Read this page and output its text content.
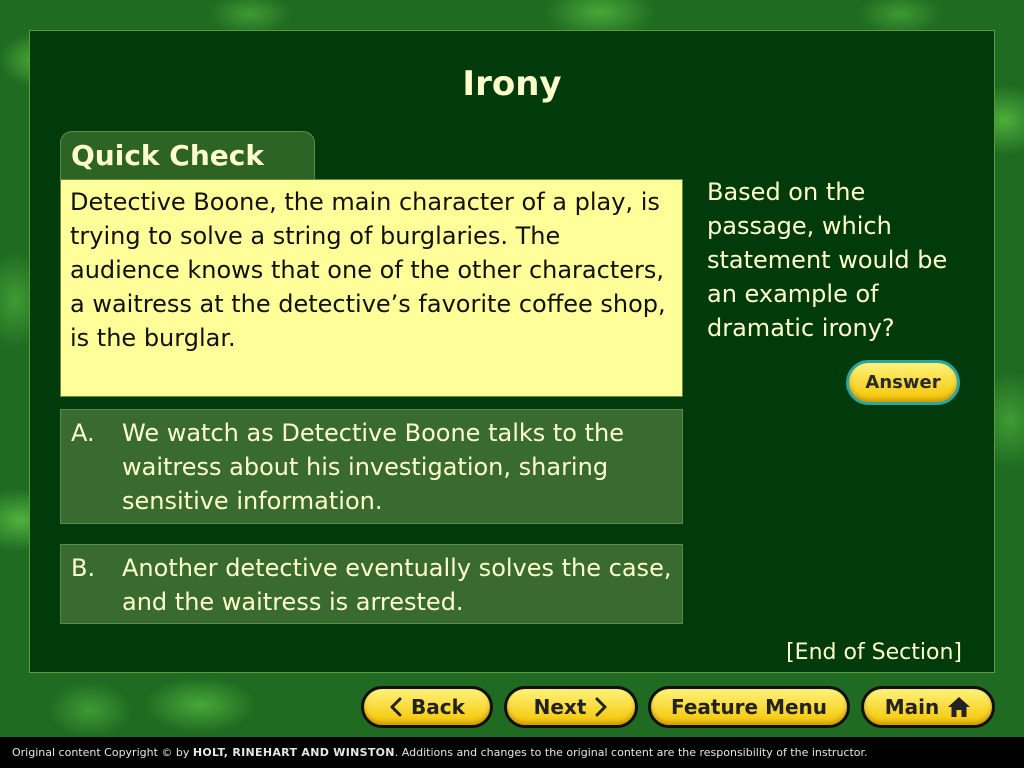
Irony
Quick Check
Detective Boone, the main character of a play, is trying to solve a string of burglaries. The audience knows that one of the other characters, a waitress at the detective’s favorite coffee shop, is the burglar.
A. We watch as Detective Boone talks to the waitress about his investigation, sharing sensitive information.
B. Another detective eventually solves the case, and the waitress is arrested.
Based on the passage, which statement would be an example of dramatic irony?
Answer
[End of Section]
Back	Next	Feature Menu	Main
Original content Copyright © by HOLT, RINEHART AND WINSTON. Additions and changes to the original content are the responsibility of the instructor.
